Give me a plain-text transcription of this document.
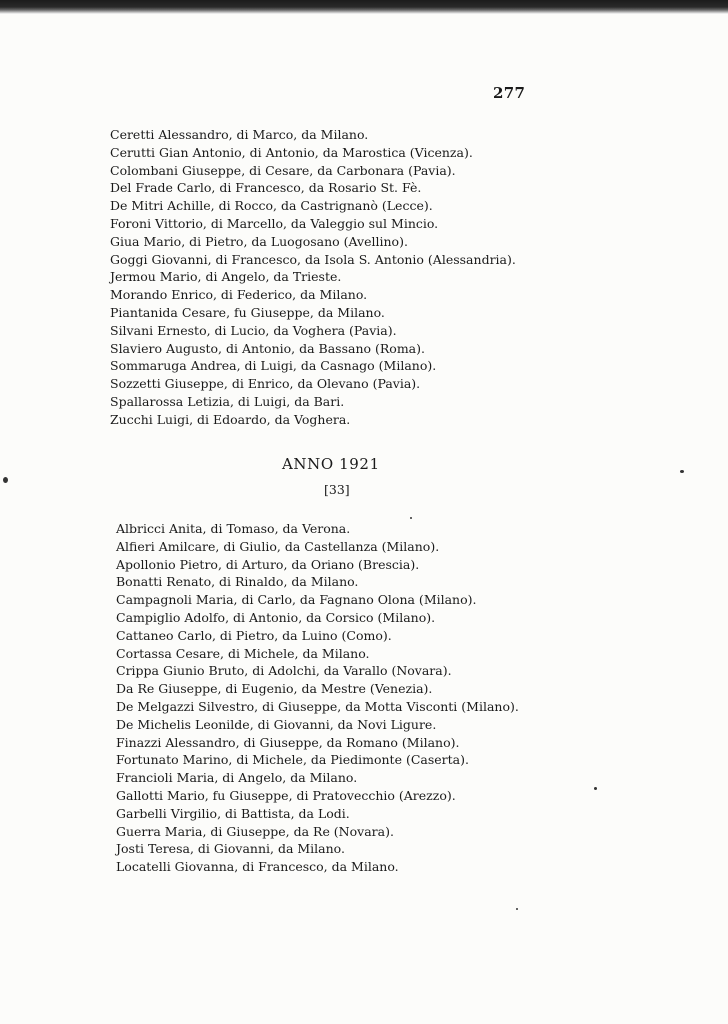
277
Ceretti Alessandro, di Marco, da Milano.
Cerutti Gian Antonio, di Antonio, da Marostica (Vicenza).
Colombani Giuseppe, di Cesare, da Carbonara (Pavia).
Del Frade Carlo, di Francesco, da Rosario St. Fè.
De Mitri Achille, di Rocco, da Castrignanò (Lecce).
Foroni Vittorio, di Marcello, da Valeggio sul Mincio.
Giua Mario, di Pietro, da Luogosano (Avellino).
Goggi Giovanni, di Francesco, da Isola S. Antonio (Alessandria).
Jermou Mario, di Angelo, da Trieste.
Morando Enrico, di Federico, da Milano.
Piantanida Cesare, fu Giuseppe, da Milano.
Silvani Ernesto, di Lucio, da Voghera (Pavia).
Slaviero Augusto, di Antonio, da Bassano (Roma).
Sommaruga Andrea, di Luigi, da Casnago (Milano).
Sozzetti Giuseppe, di Enrico, da Olevano (Pavia).
Spallarossa Letizia, di Luigi, da Bari.
Zucchi Luigi, di Edoardo, da Voghera.
ANNO 1921
[33]
Albricci Anita, di Tomaso, da Verona.
Alfieri Amilcare, di Giulio, da Castellanza (Milano).
Apollonio Pietro, di Arturo, da Oriano (Brescia).
Bonatti Renato, di Rinaldo, da Milano.
Campagnoli Maria, di Carlo, da Fagnano Olona (Milano).
Campiglio Adolfo, di Antonio, da Corsico (Milano).
Cattaneo Carlo, di Pietro, da Luino (Como).
Cortassa Cesare, di Michele, da Milano.
Crippa Giunio Bruto, di Adolchi, da Varallo (Novara).
Da Re Giuseppe, di Eugenio, da Mestre (Venezia).
De Melgazzi Silvestro, di Giuseppe, da Motta Visconti (Milano).
De Michelis Leonilde, di Giovanni, da Novi Ligure.
Finazzi Alessandro, di Giuseppe, da Romano (Milano).
Fortunato Marino, di Michele, da Piedimonte (Caserta).
Francioli Maria, di Angelo, da Milano.
Gallotti Mario, fu Giuseppe, di Pratovecchio (Arezzo).
Garbelli Virgilio, di Battista, da Lodi.
Guerra Maria, di Giuseppe, da Re (Novara).
Josti Teresa, di Giovanni, da Milano.
Locatelli Giovanna, di Francesco, da Milano.
